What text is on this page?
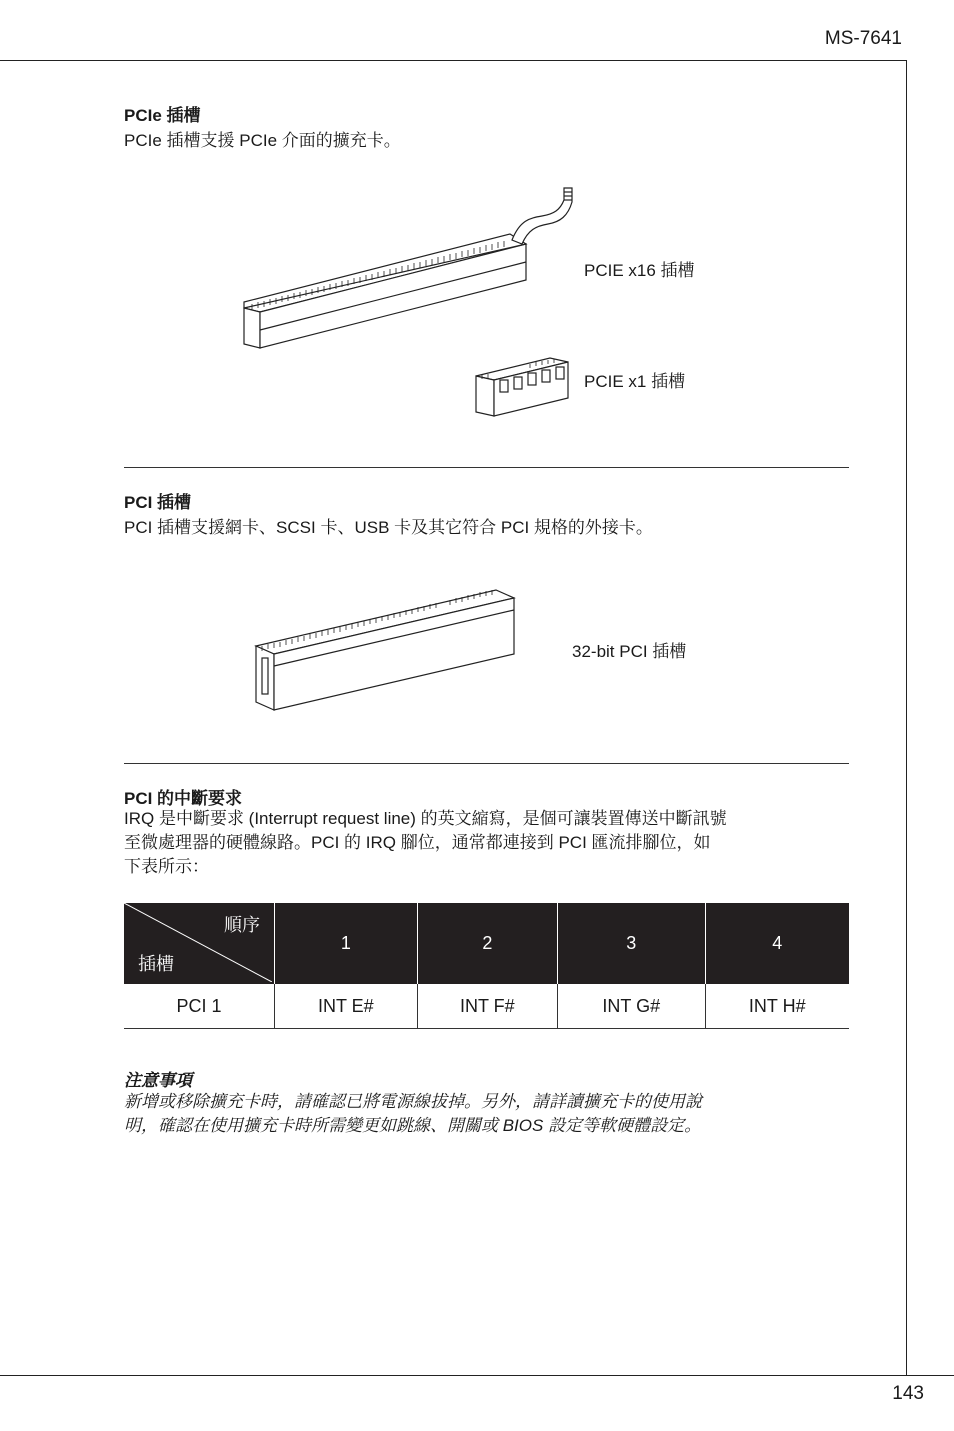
MS-7641
PCIe 插槽
PCIe 插槽支援 PCIe 介面的擴充卡。
PCIE x16 插槽
PCIE x1 插槽
PCI 插槽
PCI 插槽支援網卡、SCSI 卡、USB 卡及其它符合 PCI 規格的外接卡。
32-bit PCI 插槽
PCI 的中斷要求
IRQ 是中斷要求 (Interrupt request line) 的英文縮寫，是個可讓裝置傳送中斷訊號
至微處理器的硬體線路。PCI 的 IRQ 腳位，通常都連接到 PCI 匯流排腳位，如
下表所示：
順序
插槽	1	2	3	4
PCI 1	INT E#	INT F#	INT G#	INT H#
注意事項
新增或移除擴充卡時，請確認已將電源線拔掉。另外，請詳讀擴充卡的使用說
明，確認在使用擴充卡時所需變更如跳線、開關或 BIOS 設定等軟硬體設定。
143
